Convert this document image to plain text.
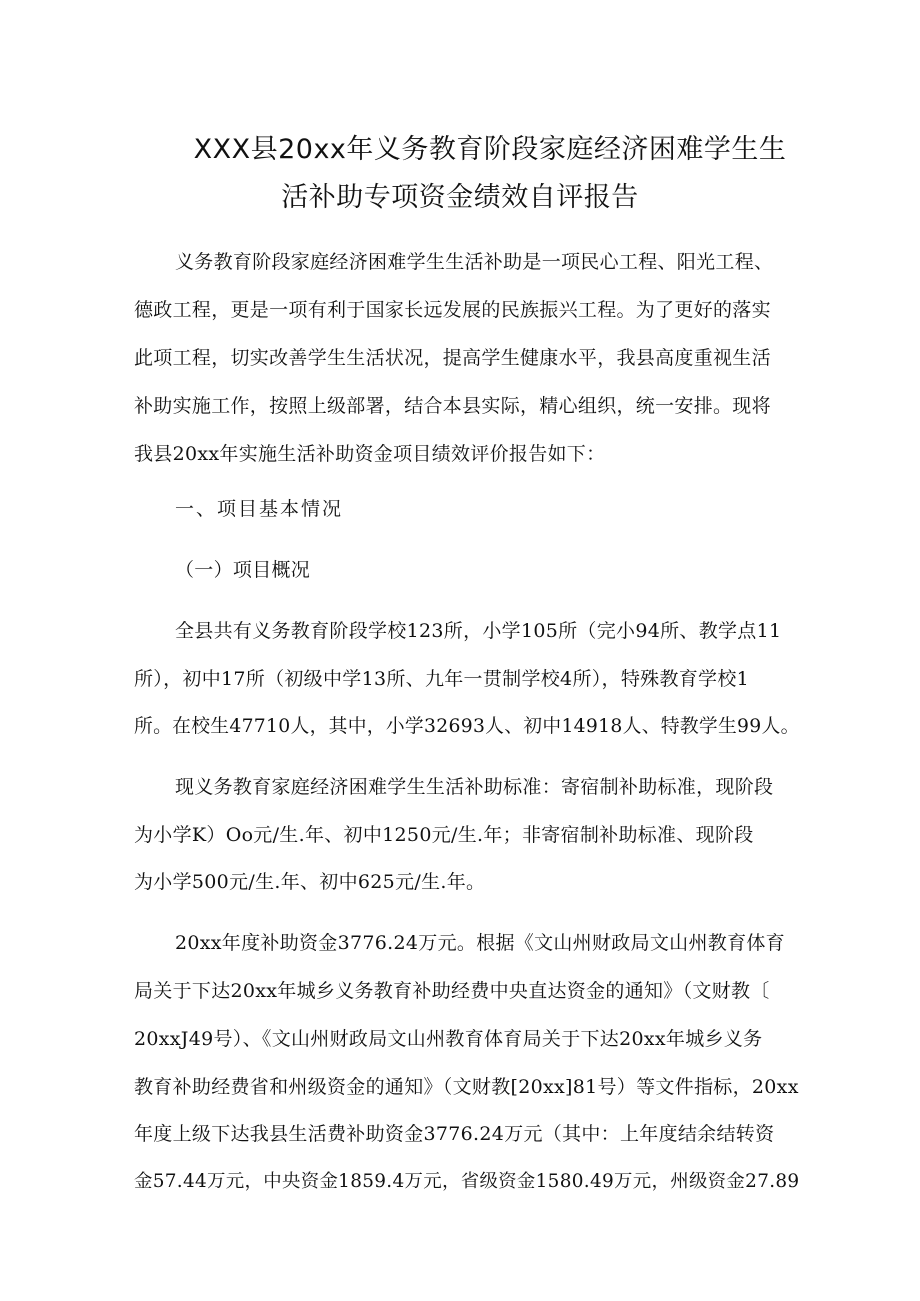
XXX县20xx年义务教育阶段家庭经济困难学生生
活补助专项资金绩效自评报告

义务教育阶段家庭经济困难学生生活补助是一项民心工程、阳光工程、

德政工程，更是一项有利于国家长远发展的民族振兴工程。为了更好的落实

此项工程，切实改善学生生活状况，提高学生健康水平，我县高度重视生活

补助实施工作，按照上级部署，结合本县实际，精心组织，统一安排。现将

我县20xx年实施生活补助资金项目绩效评价报告如下：

一、项目基本情况

（一）项目概况

全县共有义务教育阶段学校123所，小学105所（完小94所、教学点11

所），初中17所（初级中学13所、九年一贯制学校4所），特殊教育学校1

所。在校生47710人，其中，小学32693人、初中14918人、特教学生99人。

现义务教育家庭经济困难学生生活补助标准：寄宿制补助标准，现阶段

为小学K）Oo元/生.年、初中1250元/生.年；非寄宿制补助标准、现阶段

为小学500元/生.年、初中625元/生.年。

20xx年度补助资金3776.24万元。根据《文山州财政局文山州教育体育

局关于下达20xx年城乡义务教育补助经费中央直达资金的通知》（文财教〔

20xxJ49号）、《文山州财政局文山州教育体育局关于下达20xx年城乡义务

教育补助经费省和州级资金的通知》（文财教[20xx]81号）等文件指标，20xx

年度上级下达我县生活费补助资金3776.24万元（其中：上年度结余结转资

金57.44万元，中央资金1859.4万元，省级资金1580.49万元，州级资金27.89
